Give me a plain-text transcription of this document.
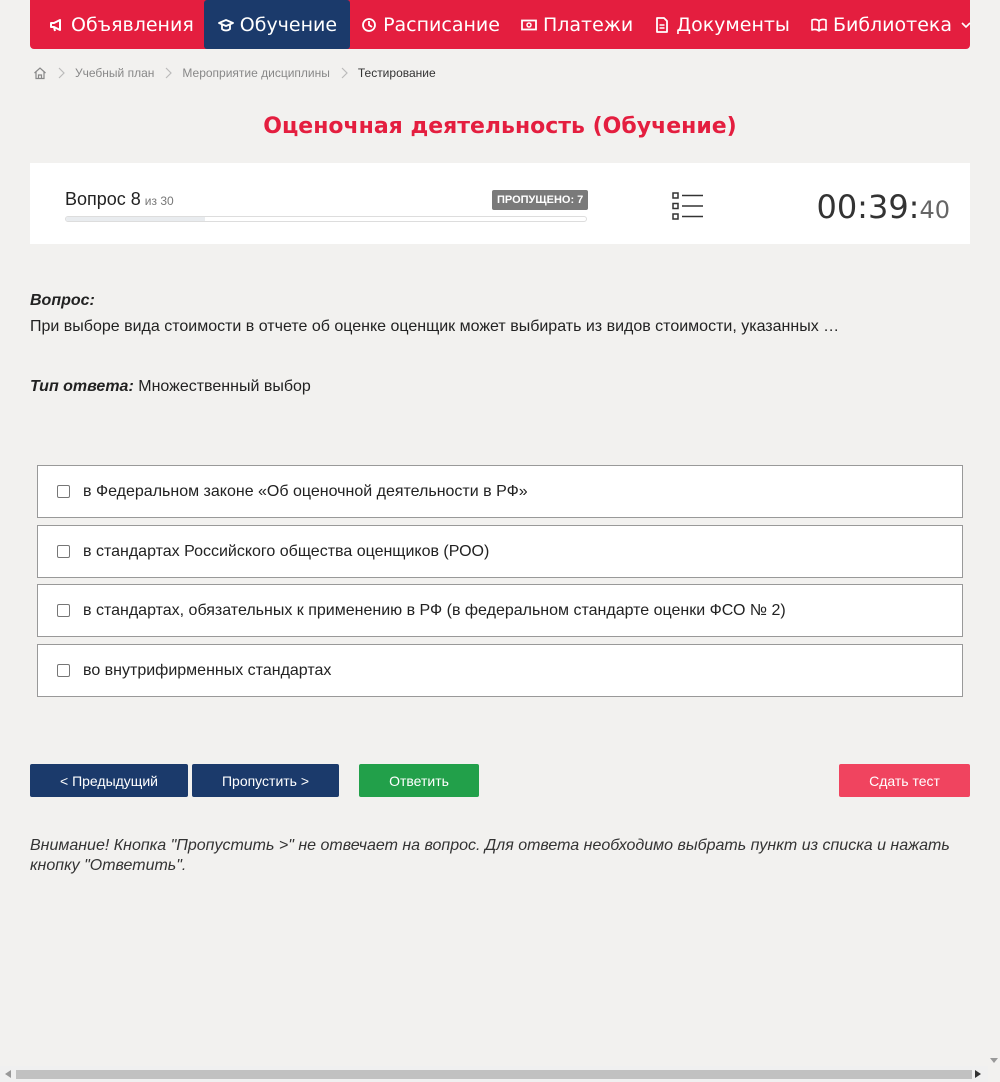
Объявления Обучение Расписание Платежи Документы Библиотека
Учебный план Мероприятие дисциплины Тестирование
Оценочная деятельность (Обучение)
Вопрос 8 из 30	ПРОПУЩЕНО: 7	00:39:40
Вопрос:
При выборе вида стоимости в отчете об оценке оценщик может выбирать из видов стоимости, указанных …
Тип ответа: Множественный выбор
в Федеральном законе «Об оценочной деятельности в РФ»
в стандартах Российского общества оценщиков (РОО)
в стандартах, обязательных к применению в РФ (в федеральном стандарте оценки ФСО № 2)
во внутрифирменных стандартах
< Предыдущий	Пропустить >	Ответить	Сдать тест
Внимание! Кнопка "Пропустить >" не отвечает на вопрос. Для ответа необходимо выбрать пункт из списка и нажать кнопку "Ответить".
